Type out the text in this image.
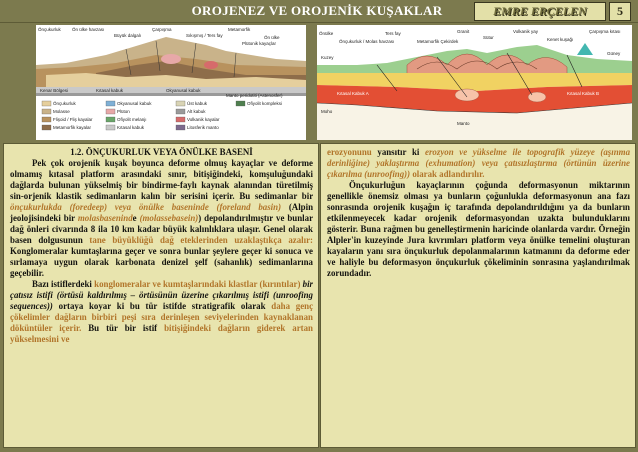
OROJENEZ VE OROJENİK KUŞAKLAR	EMRE ERÇELEN	5
Önçukurluk Ön ülke havzası
Büyük dalgalı
Çarpışma
Sıkışmış / Ters fay
Metamorfik
Ön ülke
Plütonik kayaçlar
Kenar Bölgesi	Kıtasal kabuk	Okyanusal kabuk
Manto peridotiti (Astenosfer)
Önçukurluk
Molasse
Flişoid / Fliş kayalar
Metamorfik kayalar
Okyanusal kabuk
Plüton
Ofiyolit melanjı
Kıtasal kabuk
Üst kabuk
Alt kabuk
Volkanik kayalar
Litosferik manto
Ofiyolit kompleksi
Önülke
Önçukurluk / Molas havzası
Ters fay
Metamorfik Çekirdek
Granit
Sütur
Volkanik yay
Kenet kuşağı
Çarpışma kıtası
Kıtasal Kabuk A	Kıtasal Kabuk B
Moho
Manto
Kuzey
Güney
1.2. ÖNÇUKURLUK VEYA ÖNÜLKE BASENİ

Pek çok orojenik kuşak boyunca deforme olmuş kayaçlar ve deforme olmamış kıtasal platform arasındaki sınır, bitişiğindeki, komşuluğundaki dağlarda bulunan yükselmiş bir bindirme-faylı kaynak alanından türetilmiş sin-orjenik klastik sedimanların kalın bir serisini içerir. Bu sedimanlar bir önçukurlukda (foredeep) veya önülke baseninde (foreland basin) (Alpin jeolojisindeki bir molasbaseninde (molassebasein)) depolandırılmıştır ve bunlar dağ önleri civarında 8 ila 10 km kadar büyük kalınlıklara ulaşır. Genel olarak basen dolgusunun tane büyüklüğü dağ eteklerinden uzaklaştıkça azalır: Konglomeralar kumtaşlarına geçer ve sonra bunlar şeylere geçer ki sonuca ve sırlamaya uygun olarak karbonata denizel şelf (sahanlık) sedimanlarına geçebilir.

Bazı istiflerdeki konglomeralar ve kumtaşlarındaki klastlar (kırıntılar) bir çatısız istifi (örtüsü kaldırılmış – örtüsünün üzerine çıkarılmış istifi (unroofing sequences)) ortaya koyar ki bu tür istifde stratigrafik olarak daha genç çökelimler dağların birbiri peşi sıra derinleşen seviyelerinden kaynaklanan döküntüler içerir. Bu tür bir istif bitişiğindeki dağların giderek artan yükselmesini ve

erozyonunu yansıtır ki erozyon ve yükselme ile topografik yüzeye (aşınma derinliğine) yaklaştırma (exhumation) veya çatısızlaştırma (örtünün üzerine çıkarılma (unroofing)) olarak adlandırılır.

Önçukurluğun kayaçlarının çoğunda deformasyonun miktarının genellikle önemsiz olması ya bunların çoğunlukla deformasyonun ana fazı sonrasında orojenik kuşağın iç tarafında depolandırıldığını ya da bunların etkilenmeyecek kadar orojenik deformasyondan uzakta bulunduklarını gösterir. Buna rağmen bu genelleştirmenin haricinde olanlarda vardır. Örneğin Alpler'in kuzeyinde Jura kıvrımları platform veya önülke temelini oluşturan kayaların yanı sıra önçukurluk depolanmalarının katmanını da deforme eder ve haliyle bu deformasyon önçukurluk çökeliminin sonrasına yaşlandırılmak zorundadır.
